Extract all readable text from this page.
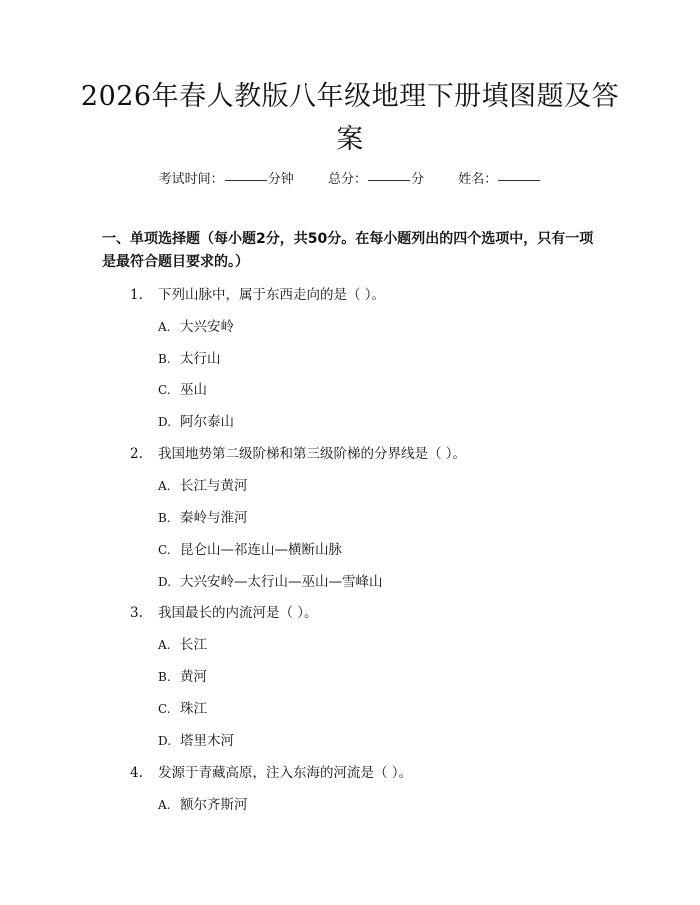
2026年春人教版八年级地理下册填图题及答案
考试时间：	分钟	总分：	分	姓名：
一、单项选择题（每小题2分，共50分。在每小题列出的四个选项中，只有一项是最符合题目要求的。）
1. 下列山脉中，属于东西走向的是（ ）。
A. 大兴安岭
B. 太行山
C. 巫山
D. 阿尔泰山
2. 我国地势第二级阶梯和第三级阶梯的分界线是（ ）。
A. 长江与黄河
B. 秦岭与淮河
C. 昆仑山—祁连山—横断山脉
D. 大兴安岭—太行山—巫山—雪峰山
3. 我国最长的内流河是（ ）。
A. 长江
B. 黄河
C. 珠江
D. 塔里木河
4. 发源于青藏高原，注入东海的河流是（ ）。
A. 额尔齐斯河
